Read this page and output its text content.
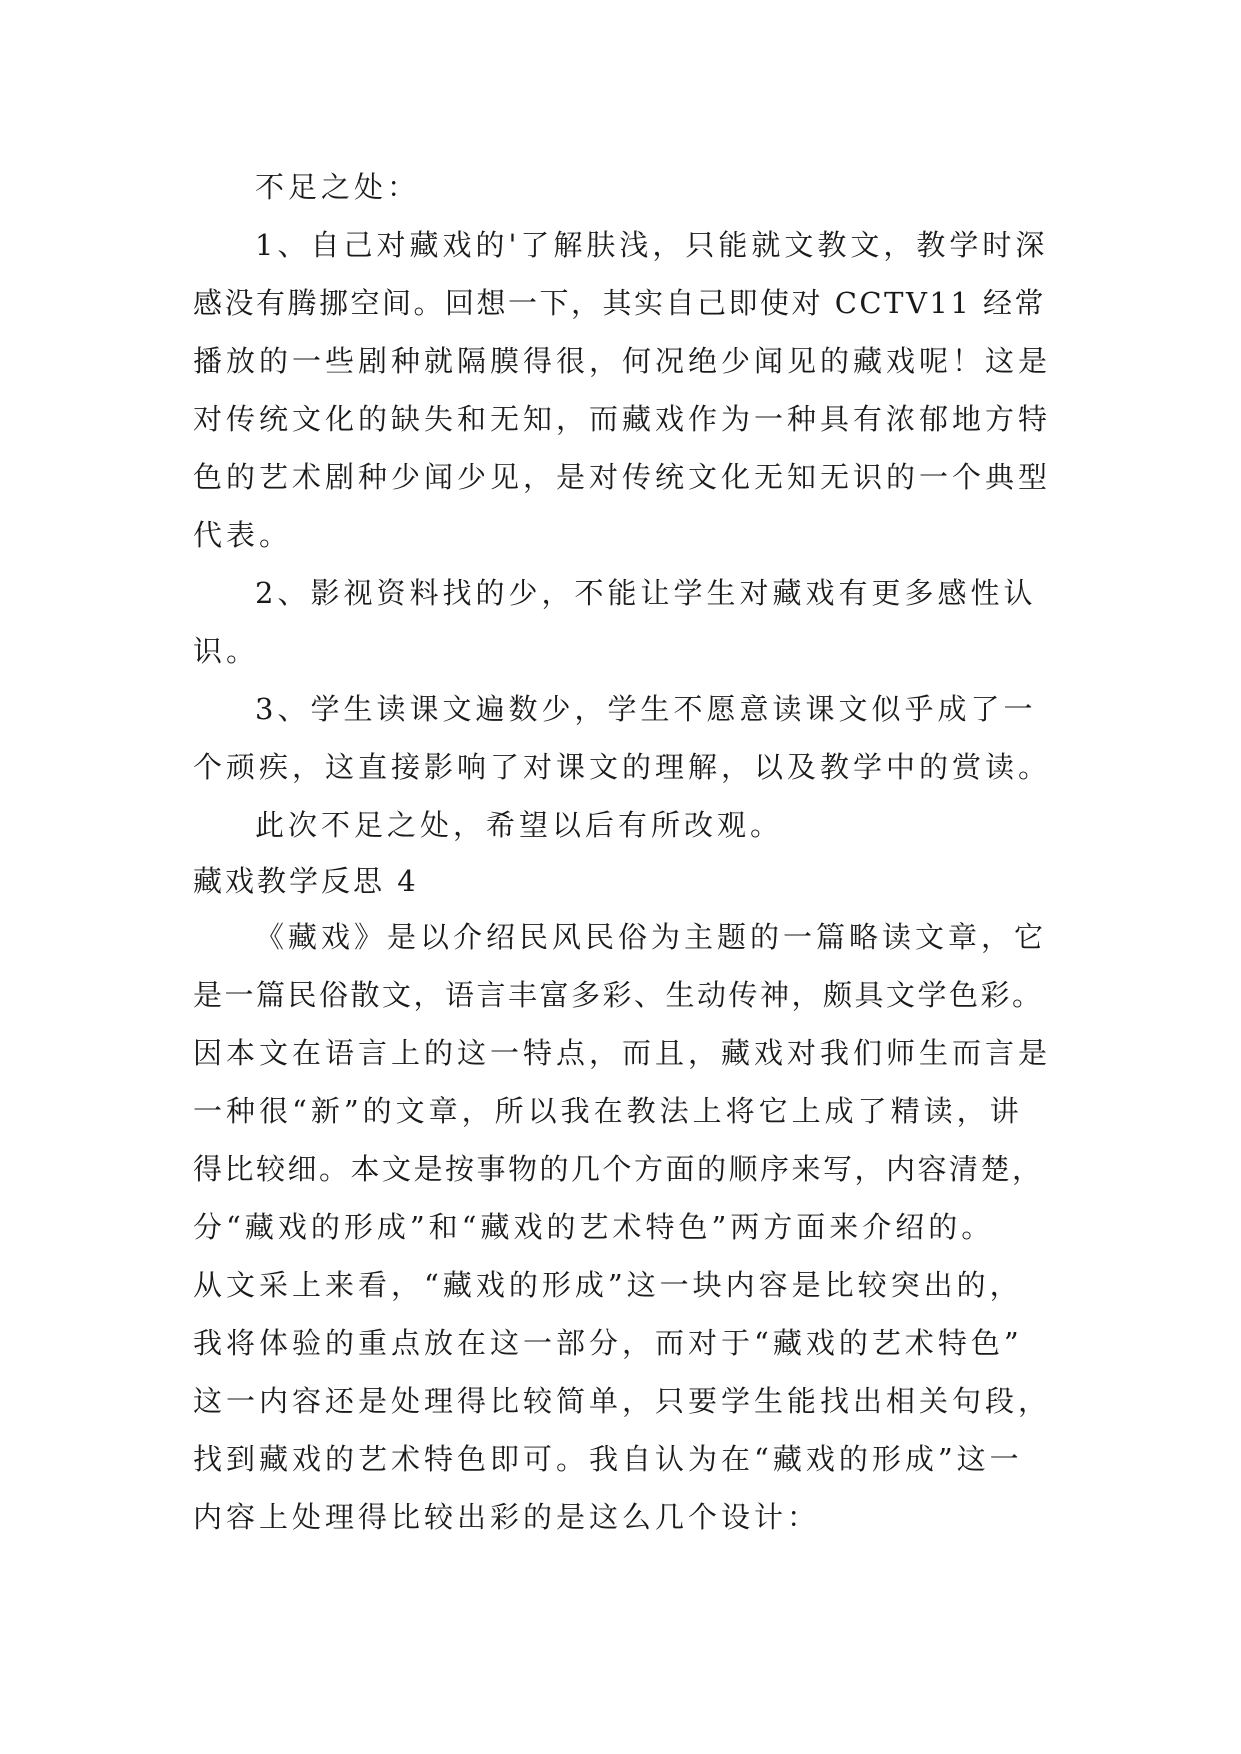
不足之处：
1、自己对藏戏的'了解肤浅，只能就文教文，教学时深
感没有腾挪空间。回想一下，其实自己即使对 CCTV11 经常
播放的一些剧种就隔膜得很，何况绝少闻见的藏戏呢！这是
对传统文化的缺失和无知，而藏戏作为一种具有浓郁地方特
色的艺术剧种少闻少见，是对传统文化无知无识的一个典型
代表。
2、影视资料找的少，不能让学生对藏戏有更多感性认
识。
3、学生读课文遍数少，学生不愿意读课文似乎成了一
个顽疾，这直接影响了对课文的理解，以及教学中的赏读。
此次不足之处，希望以后有所改观。
藏戏教学反思 4
《藏戏》是以介绍民风民俗为主题的一篇略读文章，它
是一篇民俗散文，语言丰富多彩、生动传神，颇具文学色彩。
因本文在语言上的这一特点，而且，藏戏对我们师生而言是
一种很“新”的文章，所以我在教法上将它上成了精读，讲
得比较细。本文是按事物的几个方面的顺序来写，内容清楚，
分“藏戏的形成”和“藏戏的艺术特色”两方面来介绍的。
从文采上来看，“藏戏的形成”这一块内容是比较突出的，
我将体验的重点放在这一部分，而对于“藏戏的艺术特色”
这一内容还是处理得比较简单，只要学生能找出相关句段，
找到藏戏的艺术特色即可。我自认为在“藏戏的形成”这一
内容上处理得比较出彩的是这么几个设计：
